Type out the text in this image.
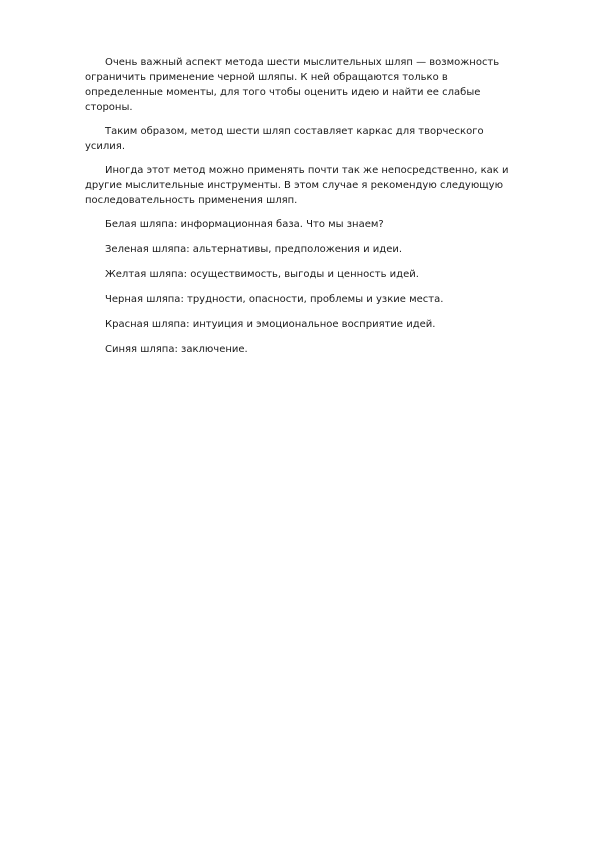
Очень важный аспект метода шести мыслительных шляп — возможность
ограничить применение черной шляпы. К ней обращаются только в
определенные моменты, для того чтобы оценить идею и найти ее слабые
стороны.

Таким образом, метод шести шляп составляет каркас для творческого
усилия.

Иногда этот метод можно применять почти так же непосредственно, как и
другие мыслительные инструменты. В этом случае я рекомендую следующую
последовательность применения шляп.

Белая шляпа: информационная база. Что мы знаем?

Зеленая шляпа: альтернативы, предположения и идеи.

Желтая шляпа: осуществимость, выгоды и ценность идей.

Черная шляпа: трудности, опасности, проблемы и узкие места.

Красная шляпа: интуиция и эмоциональное восприятие идей.

Синяя шляпа: заключение.
